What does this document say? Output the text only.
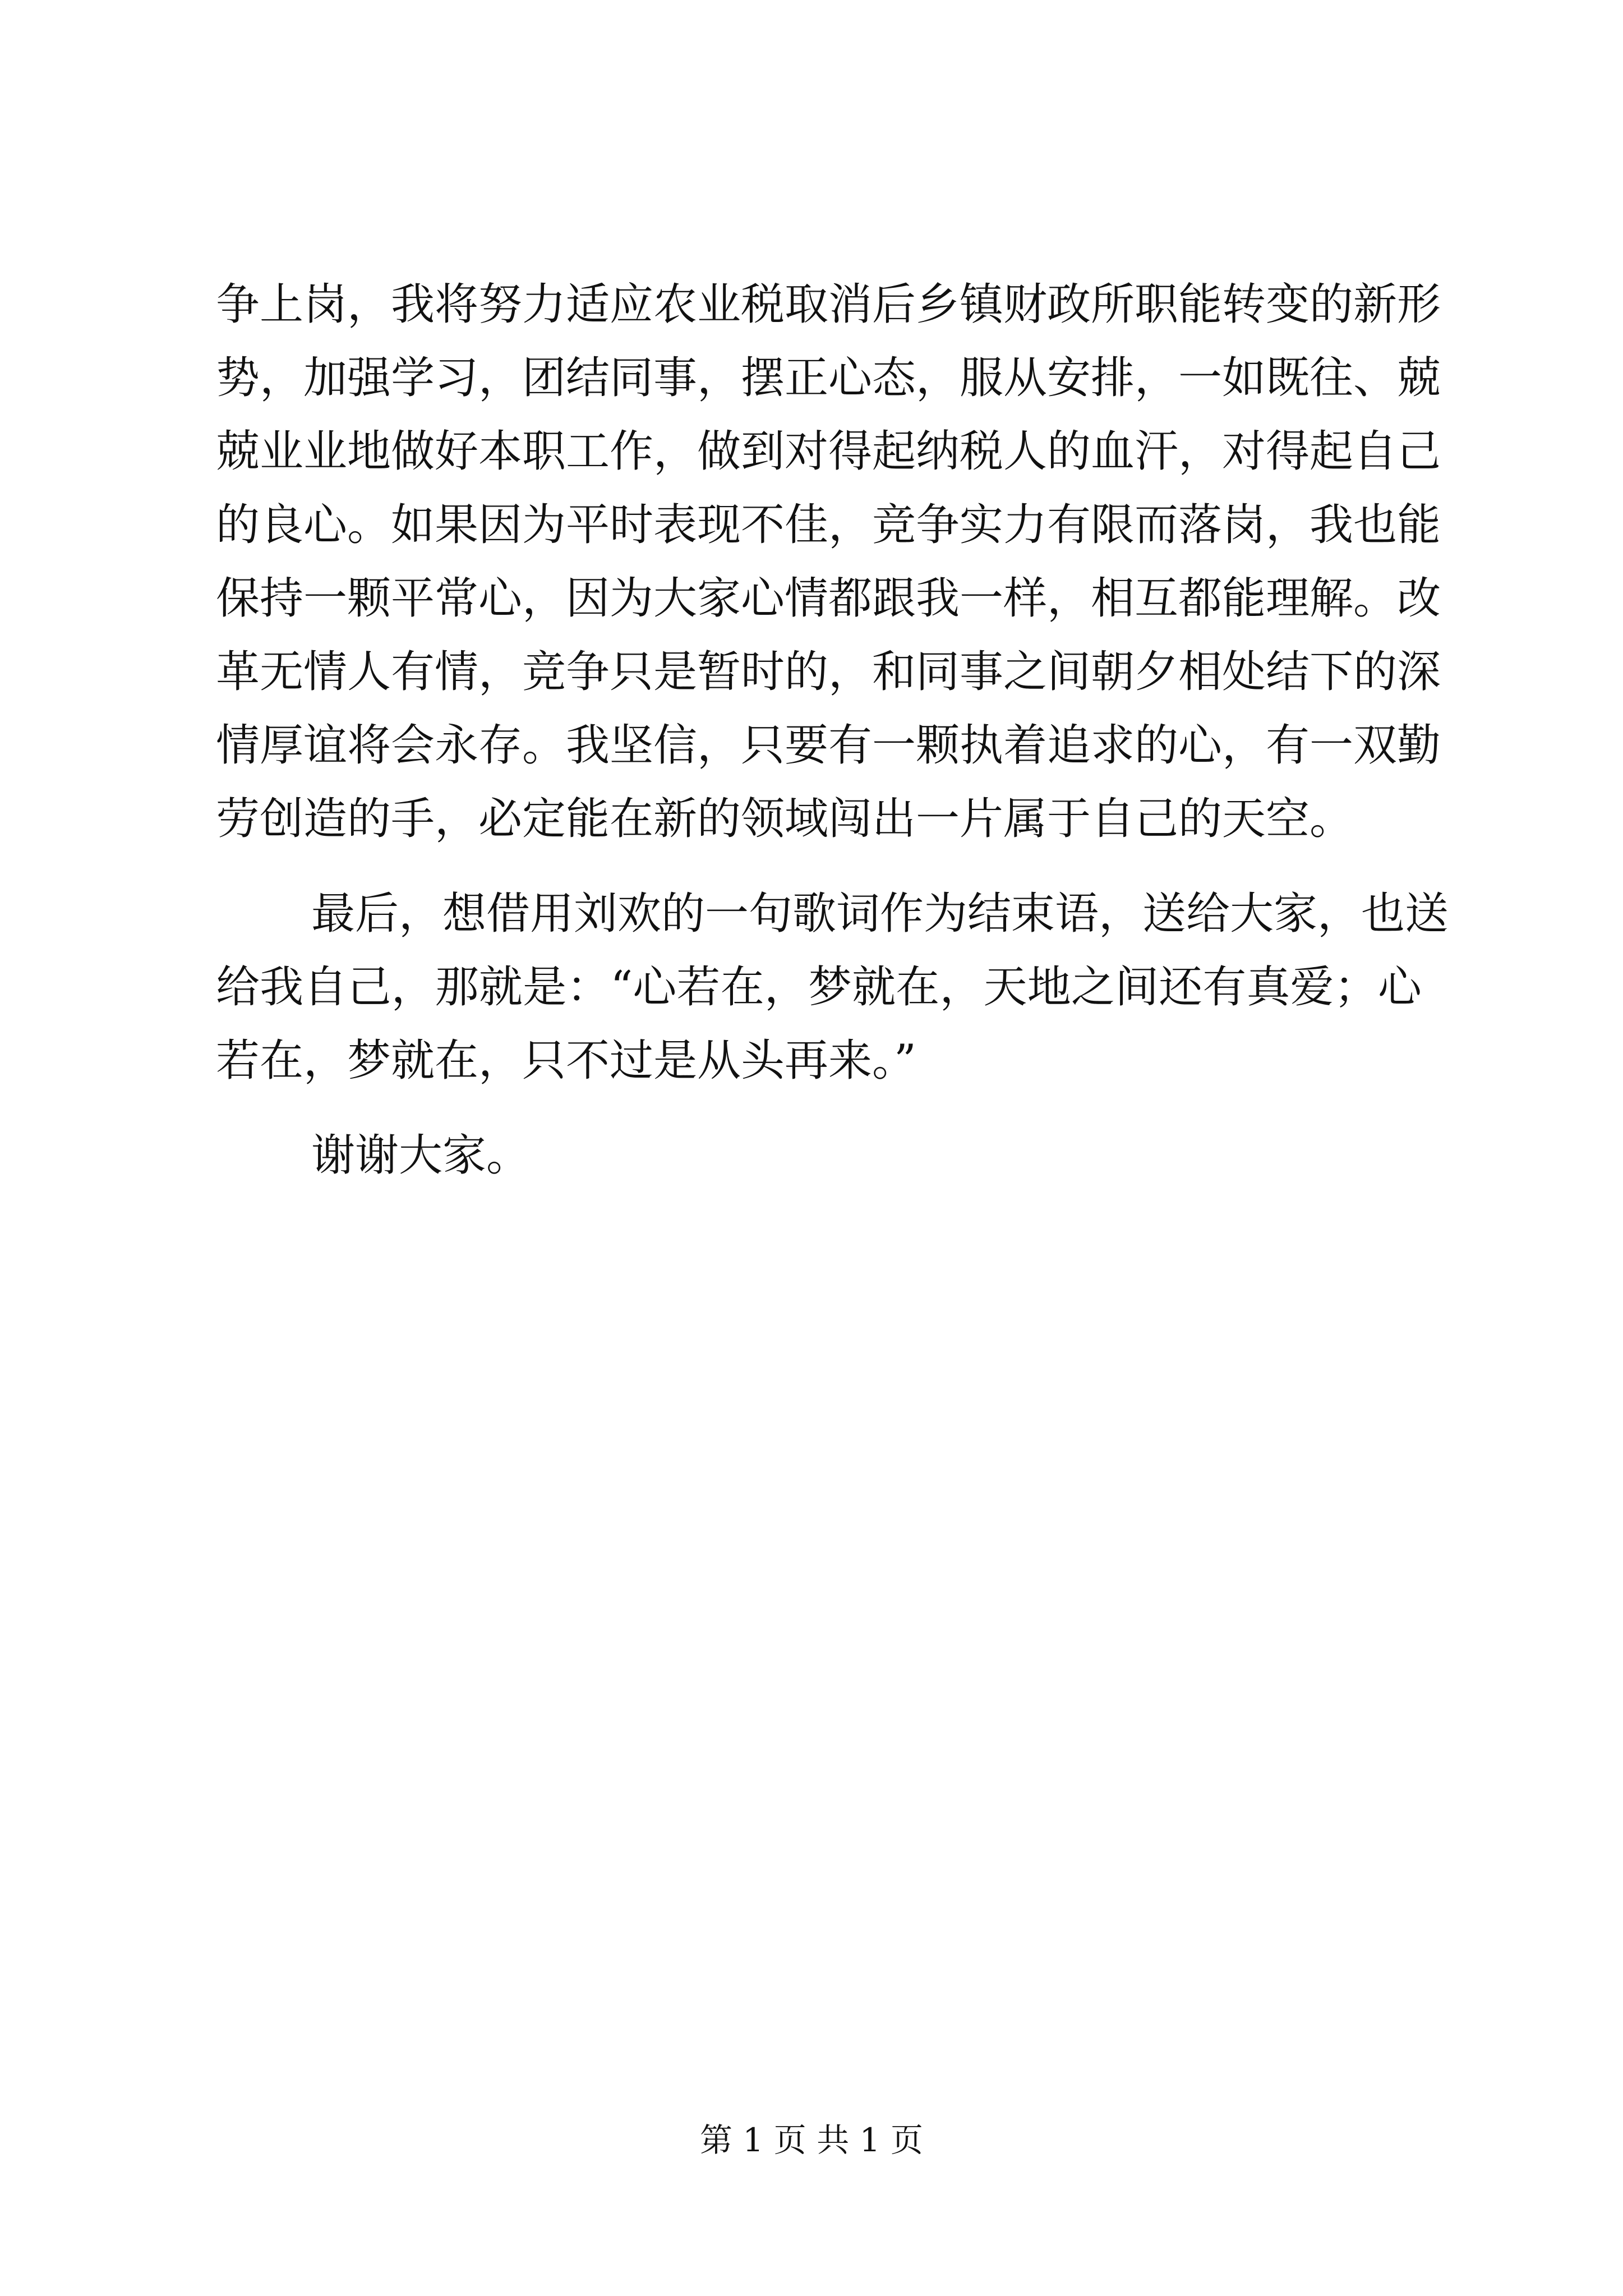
争上岗，我将努力适应农业税取消后乡镇财政所职能转变的新形
势，加强学习，团结同事，摆正心态，服从安排，一如既往、兢
兢业业地做好本职工作，做到对得起纳税人的血汗，对得起自己
的良心。如果因为平时表现不佳，竞争实力有限而落岗，我也能
保持一颗平常心，因为大家心情都跟我一样，相互都能理解。改
革无情人有情，竞争只是暂时的，和同事之间朝夕相处结下的深
情厚谊将会永存。我坚信，只要有一颗执着追求的心，有一双勤
劳创造的手，必定能在新的领域闯出一片属于自己的天空。
最后，想借用刘欢的一句歌词作为结束语，送给大家，也送
给我自己，那就是：“心若在，梦就在，天地之间还有真爱；心
若在，梦就在，只不过是从头再来。”
谢谢大家。
第 1 页 共 1 页
